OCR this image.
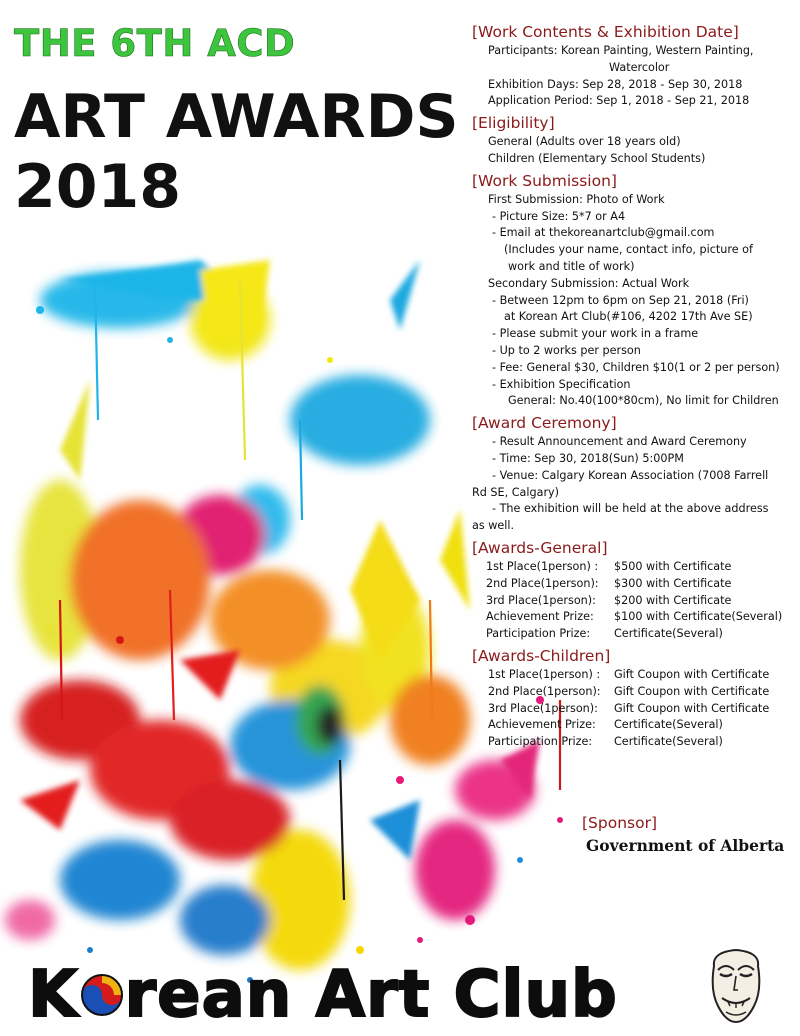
THE 6TH ACD
ART AWARDS
2018
[Work Contents & Exhibition Date]
Participants: Korean Painting, Western Painting,
Watercolor
Exhibition Days: Sep 28, 2018 - Sep 30, 2018
Application Period: Sep 1, 2018 - Sep 21, 2018
[Eligibility]
General (Adults over 18 years old)
Children (Elementary School Students)
[Work Submission]
First Submission: Photo of Work
- Picture Size: 5*7 or A4
- Email at thekoreanartclub@gmail.com
(Includes your name, contact info, picture of
work and title of work)
Secondary Submission: Actual Work
- Between 12pm to 6pm on Sep 21, 2018 (Fri)
at Korean Art Club(#106, 4202 17th Ave SE)
- Please submit your work in a frame
- Up to 2 works per person
- Fee: General $30, Children $10(1 or 2 per person)
- Exhibition Specification
General: No.40(100*80cm), No limit for Children
[Award Ceremony]
- Result Announcement and Award Ceremony
- Time: Sep 30, 2018(Sun) 5:00PM
- Venue: Calgary Korean Association (7008 Farrell
Rd SE, Calgary)
- The exhibition will be held at the above address
as well.
[Awards-General]
1st Place(1person) :	$500 with Certificate
2nd Place(1person):	$300 with Certificate
3rd Place(1person):	$200 with Certificate
Achievement Prize:	$100 with Certificate(Several)
Participation Prize:	Certificate(Several)
[Awards-Children]
1st Place(1person) :	Gift Coupon with Certificate
2nd Place(1person):	Gift Coupon with Certificate
3rd Place(1person):	Gift Coupon with Certificate
Achievement Prize:	Certificate(Several)
Participation Prize:	Certificate(Several)
[Sponsor]
Government of Alberta
K rean Art Club
